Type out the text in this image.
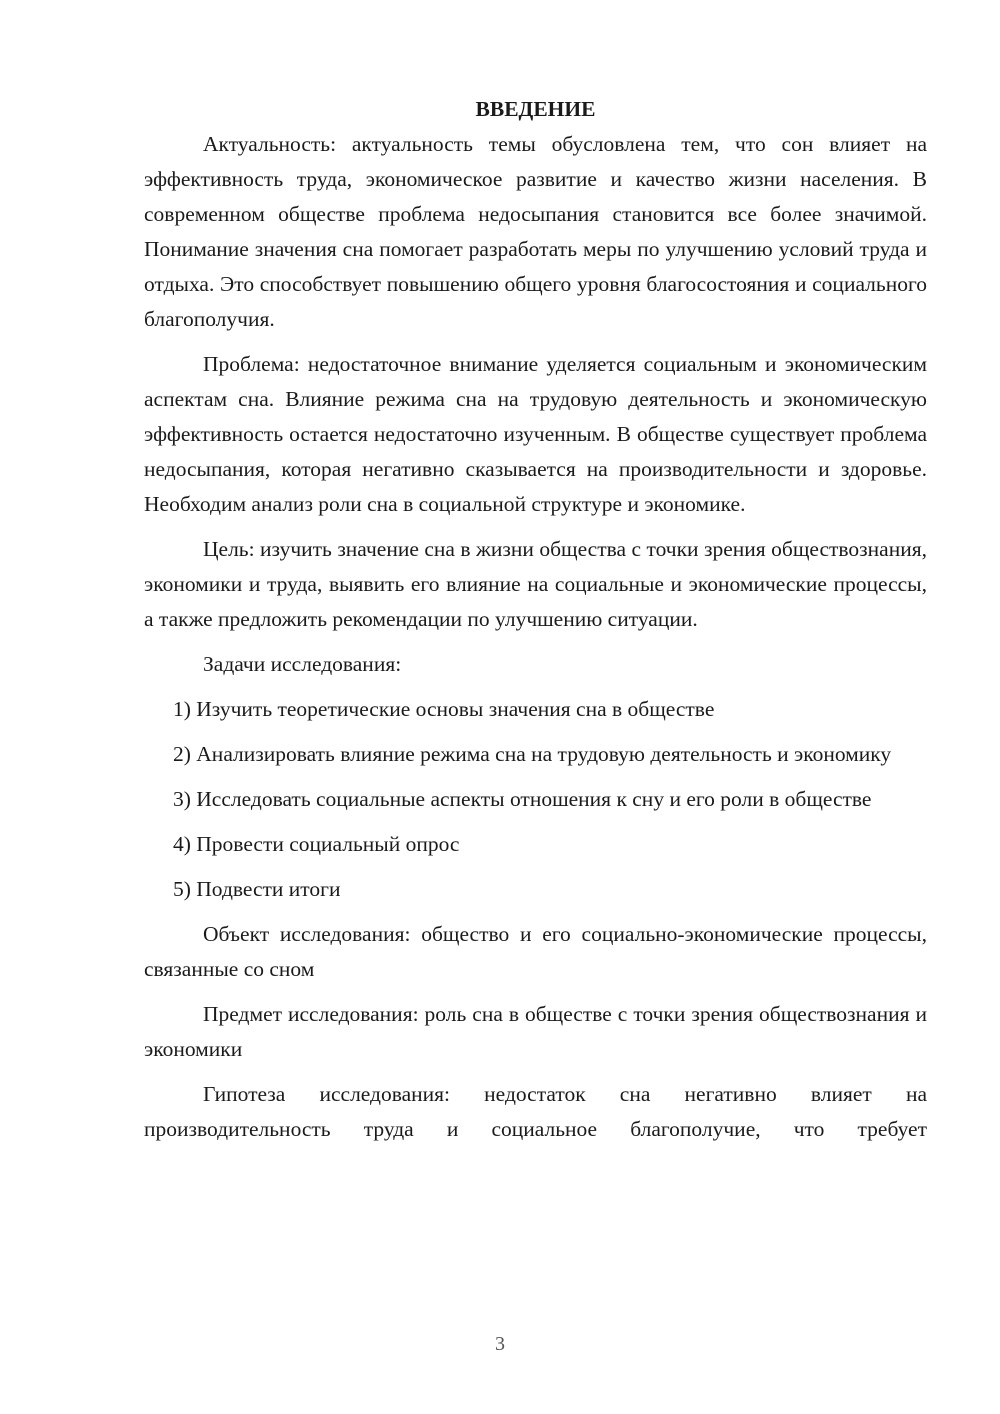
ВВЕДЕНИЕ

Актуальность: актуальность темы обусловлена тем, что сон влияет на эффективность труда, экономическое развитие и качество жизни населения. В современном обществе проблема недосыпания становится все более значимой. Понимание значения сна помогает разработать меры по улучшению условий труда и отдыха. Это способствует повышению общего уровня благосостояния и социального благополучия.

Проблема: недостаточное внимание уделяется социальным и экономическим аспектам сна. Влияние режима сна на трудовую деятельность и экономическую эффективность остается недостаточно изученным. В обществе существует проблема недосыпания, которая негативно сказывается на производительности и здоровье. Необходим анализ роли сна в социальной структуре и экономике.

Цель: изучить значение сна в жизни общества с точки зрения обществознания, экономики и труда, выявить его влияние на социальные и экономические процессы, а также предложить рекомендации по улучшению ситуации.

Задачи исследования:

1) Изучить теоретические основы значения сна в обществе

2) Анализировать влияние режима сна на трудовую деятельность и экономику

3) Исследовать социальные аспекты отношения к сну и его роли в обществе

4) Провести социальный опрос

5) Подвести итоги

Объект исследования: общество и его социально-экономические процессы, связанные со сном

Предмет исследования: роль сна в обществе с точки зрения обществознания и экономики

Гипотеза исследования: недостаток сна негативно влияет на производительность труда и социальное благополучие, что требует

3
